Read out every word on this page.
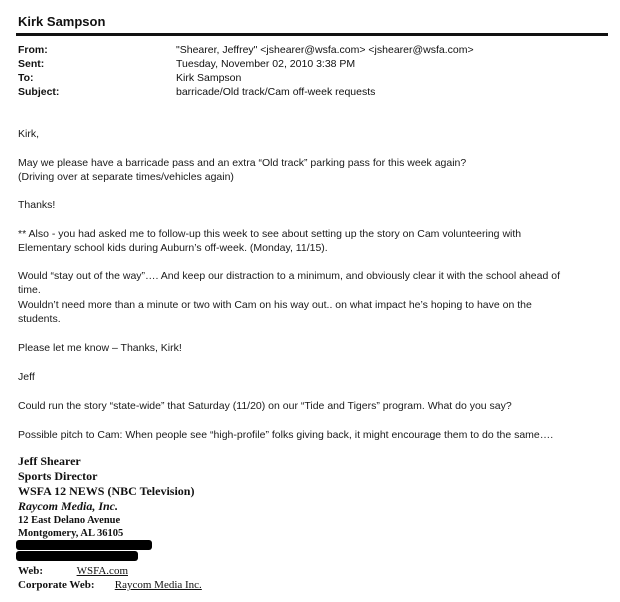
Kirk Sampson
From:	"Shearer, Jeffrey" <jshearer@wsfa.com> <jshearer@wsfa.com>
Sent:	Tuesday, November 02, 2010 3:38 PM
To:	Kirk Sampson
Subject:	barricade/Old track/Cam off-week requests
Kirk,
May we please have a barricade pass and an extra “Old track” parking pass for this week again?
(Driving over at separate times/vehicles again)
Thanks!
** Also - you had asked me to follow-up this week to see about setting up the story on Cam volunteering with
Elementary school kids during Auburn’s off-week. (Monday, 11/15).
Would “stay out of the way”…. And keep our distraction to a minimum, and obviously clear it with the school ahead of
time.
Wouldn’t need more than a minute or two with Cam on his way out.. on what impact he’s hoping to have on the
students.
Please let me know – Thanks, Kirk!
Jeff
Could run the story “state-wide” that Saturday (11/20) on our “Tide and Tigers” program. What do you say?
Possible pitch to Cam: When people see “high-profile” folks giving back, it might encourage them to do the same….
Jeff Shearer
Sports Director
WSFA 12 NEWS (NBC Television)
Raycom Media, Inc.
12 East Delano Avenue
Montgomery, AL 36105
Web:	WSFA.com
Corporate Web: Raycom Media Inc.
